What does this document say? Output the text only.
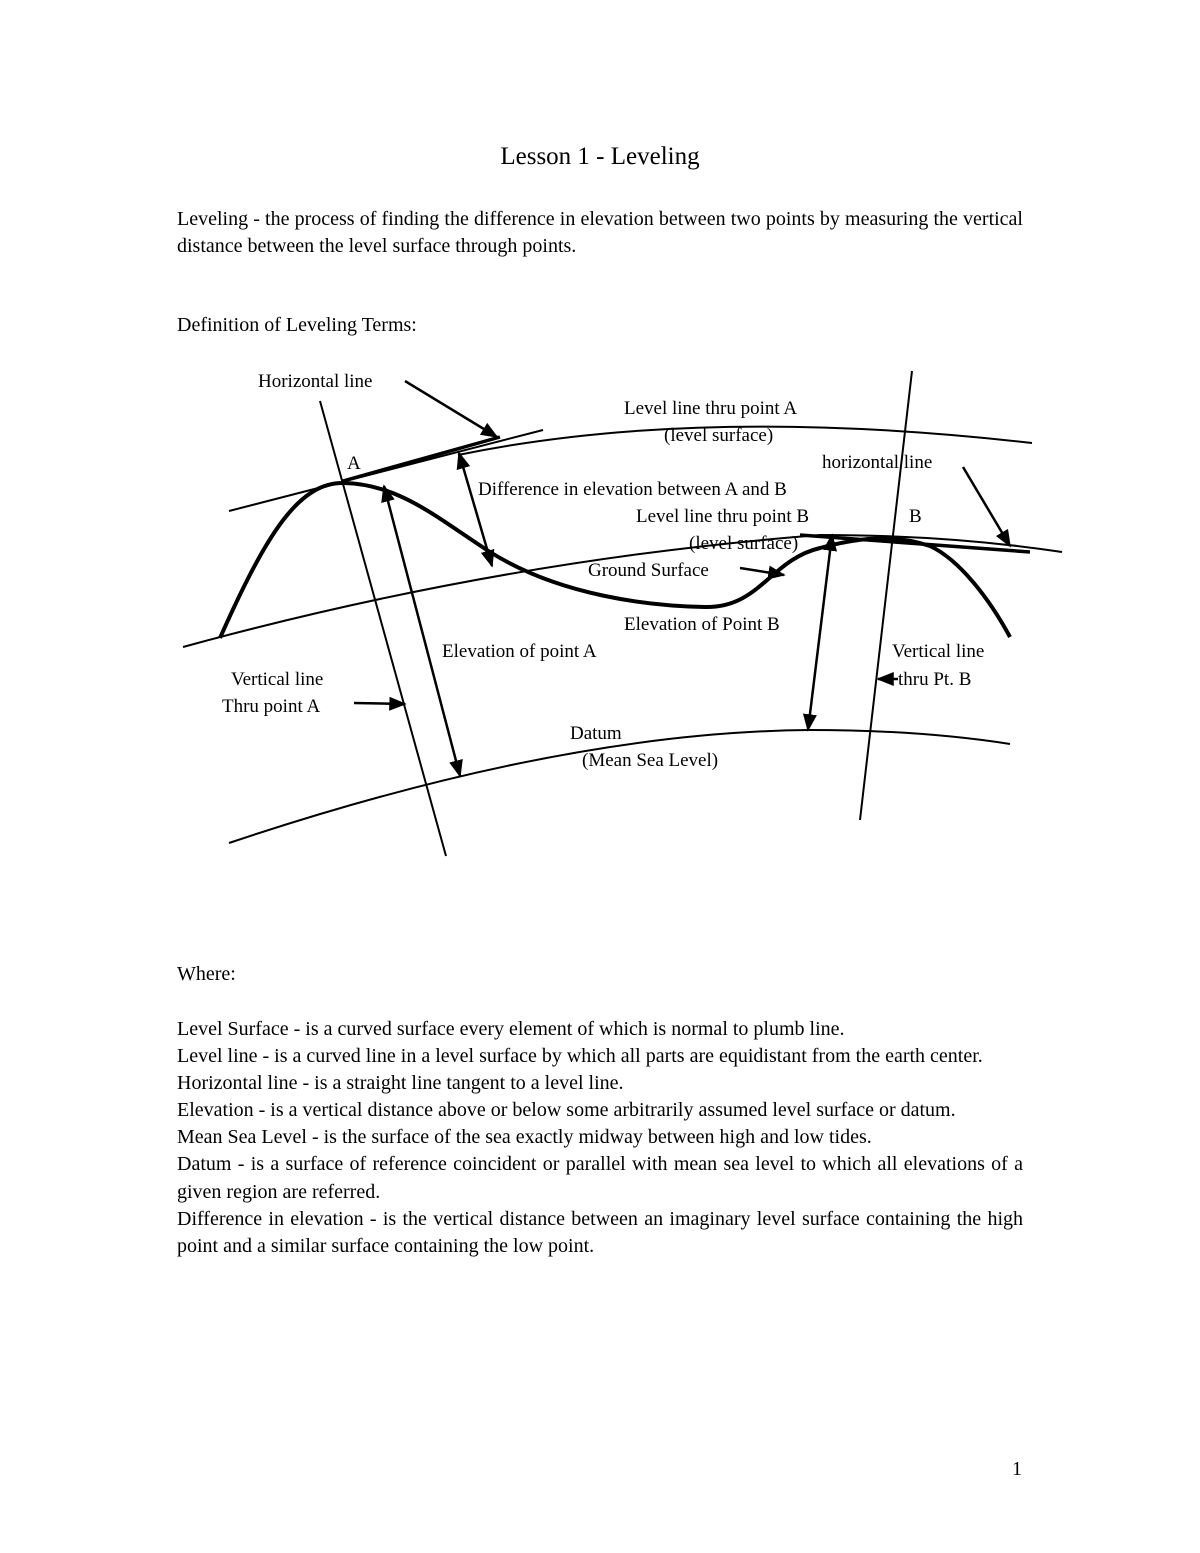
Lesson 1 - Leveling
Leveling - the process of finding the difference in elevation between two points by measuring the vertical distance between the level surface through points.
Definition of Leveling Terms:
Horizontal line
Level line thru point A
(level surface)
A	horizontal line
Difference in elevation between A and B
Level line thru point B	B
(level surface)
Ground Surface
Elevation of Point B
Elevation of point A	Vertical line
thru Pt. B
Vertical line
Thru point A
Datum
(Mean Sea Level)
Where:

Level Surface - is a curved surface every element of which is normal to plumb line.

Level line - is a curved line in a level surface by which all parts are equidistant from the earth center.

Horizontal line - is a straight line tangent to a level line.

Elevation - is a vertical distance above or below some arbitrarily assumed level surface or datum.

Mean Sea Level - is the surface of the sea exactly midway between high and low tides.

Datum - is a surface of reference coincident or parallel with mean sea level to which all elevations of a given region are referred.

Difference in elevation - is the vertical distance between an imaginary level surface containing the high point and a similar surface containing the low point.

1
